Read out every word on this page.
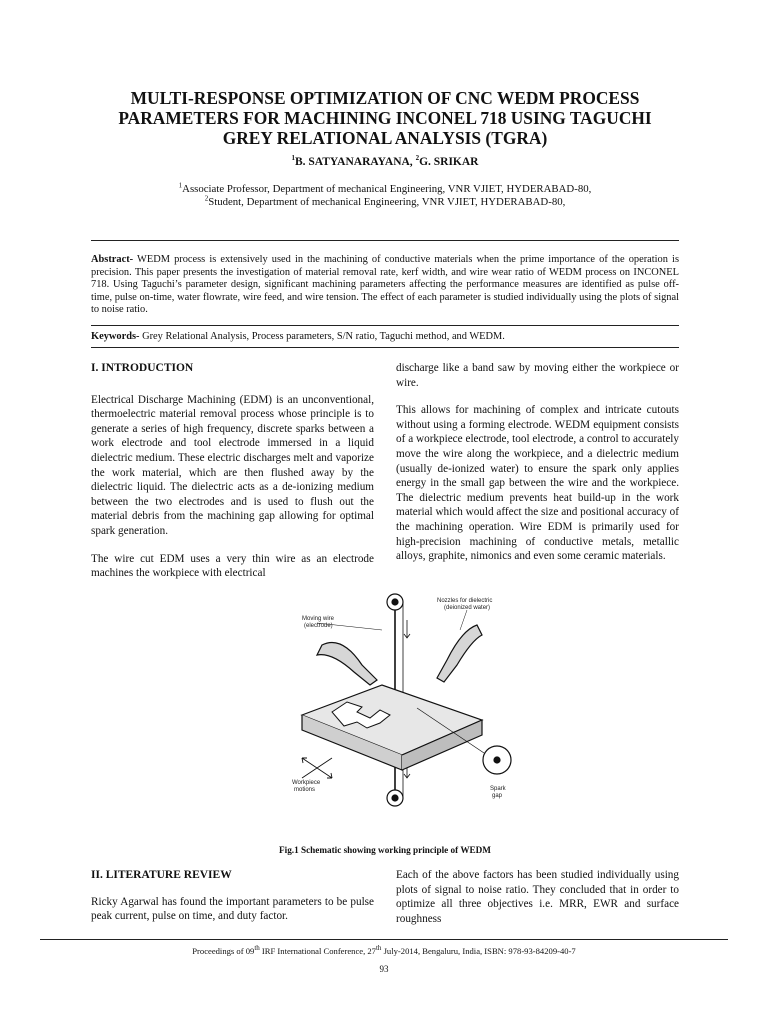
MULTI-RESPONSE OPTIMIZATION OF CNC WEDM PROCESS
PARAMETERS FOR MACHINING INCONEL 718 USING TAGUCHI
GREY RELATIONAL ANALYSIS (TGRA)
$^1$B. SATYANARAYANA, $^2$G. SRIKAR
$^1$Associate Professor, Department of mechanical Engineering, VNR VJIET, HYDERABAD-80,
$^2$Student, Department of mechanical Engineering, VNR VJIET, HYDERABAD-80,
Abstract- WEDM process is extensively used in the machining of conductive materials when the prime importance of the operation is precision. This paper presents the investigation of material removal rate, kerf width, and wire wear ratio of WEDM process on INCONEL 718. Using Taguchi’s parameter design, significant machining parameters affecting the performance measures are identified as pulse off-time, pulse on-time, water flowrate, wire feed, and wire tension. The effect of each parameter is studied individually using the plots of signal to noise ratio.
Keywords- Grey Relational Analysis, Process parameters, S/N ratio, Taguchi method, and WEDM.
I. INTRODUCTION

Electrical Discharge Machining (EDM) is an unconventional, thermoelectric material removal process whose principle is to generate a series of high frequency, discrete sparks between a work electrode and tool electrode immersed in a liquid dielectric medium. These electric discharges melt and vaporize the work material, which are then flushed away by the dielectric liquid. The dielectric acts as a de-ionizing medium between the two electrodes and is used to flush out the material debris from the machining gap allowing for optimal spark generation.

The wire cut EDM uses a very thin wire as an electrode machines the workpiece with electrical

discharge like a band saw by moving either the workpiece or wire.

This allows for machining of complex and intricate cutouts without using a forming electrode. WEDM equipment consists of a workpiece electrode, tool electrode, a control to accurately move the wire along the workpiece, and a dielectric medium (usually de-ionized water) to ensure the spark only applies energy in the small gap between the wire and the workpiece. The dielectric medium prevents heat build-up in the work material which would affect the size and positional accuracy of the machining operation. Wire EDM is primarily used for high-precision machining of conductive metals, metallic alloys, graphite, nimonics and even some ceramic materials.

Moving wire
(electrode)
Nozzles for dielectric
(deionized water)
Workpiece
motions	Spark
gap
Fig.1 Schematic showing working principle of WEDM
II. LITERATURE REVIEW

Ricky Agarwal has found the important parameters to be pulse peak current, pulse on time, and duty factor.

Each of the above factors has been studied individually using plots of signal to noise ratio. They concluded that in order to optimize all three objectives i.e. MRR, EWR and surface roughness

Proceedings of 09th IRF International Conference, 27th July-2014, Bengaluru, India, ISBN: 978-93-84209-40-7
93
